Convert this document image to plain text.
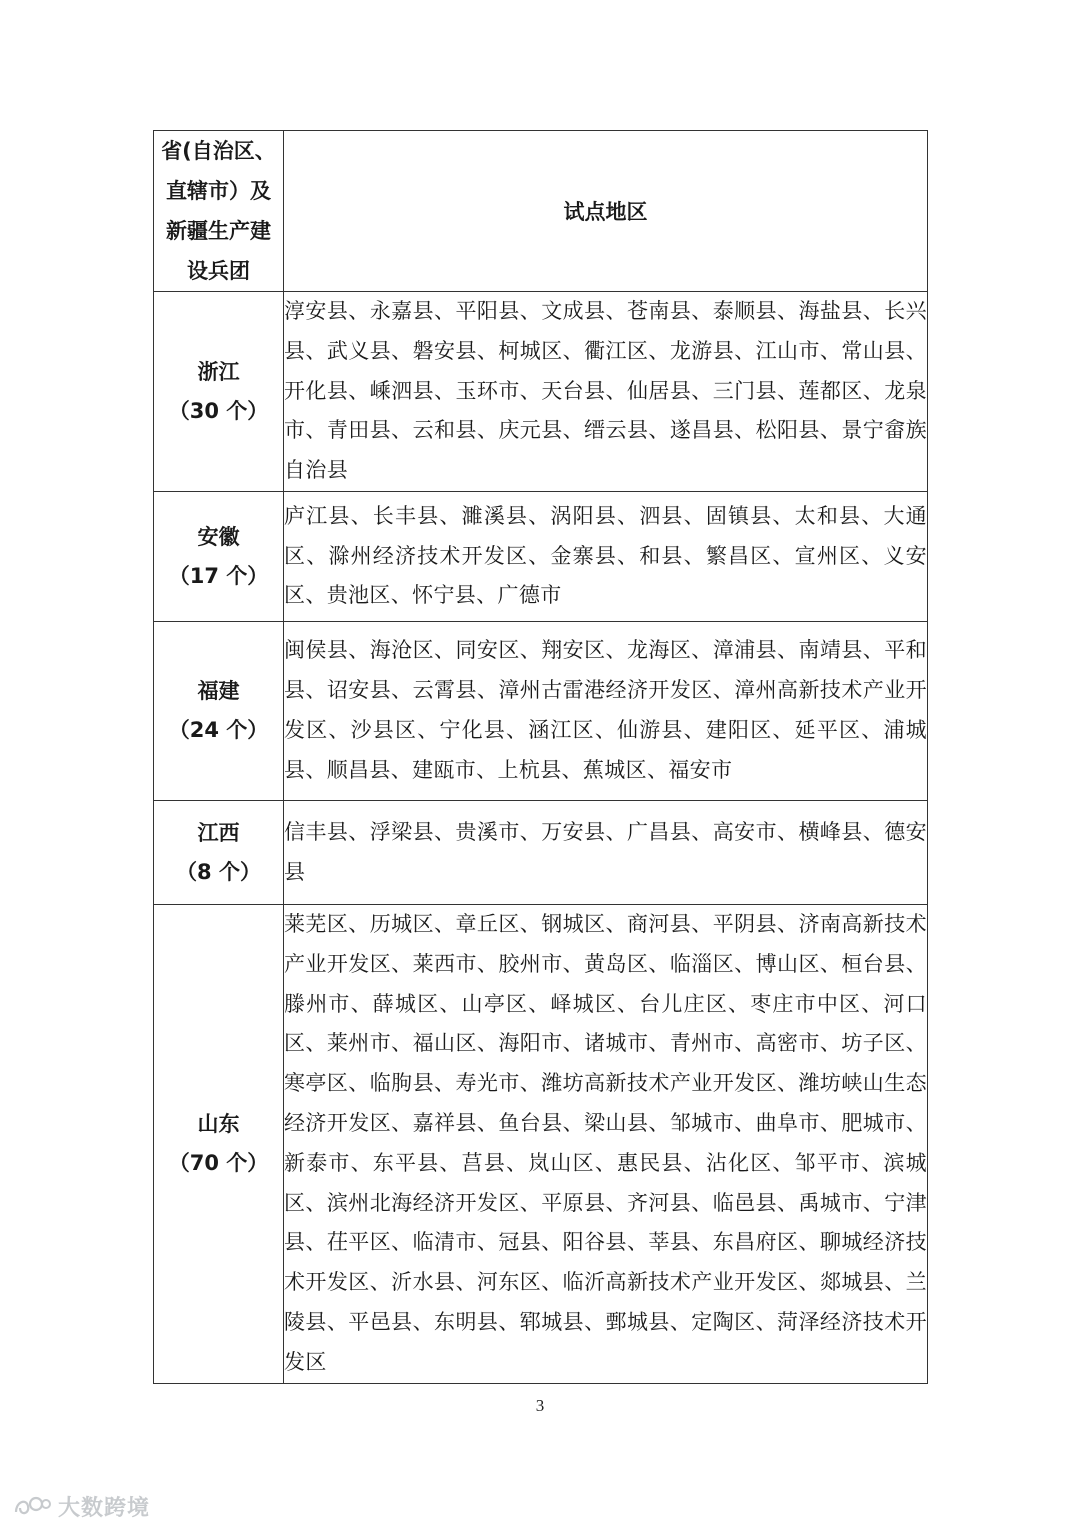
省(自治区、
直辖市）及
新疆生产建
设兵团	试点地区

浙江
（30 个）	淳安县、永嘉县、平阳县、文成县、苍南县、泰顺县、海盐县、长兴县、武义县、磐安县、柯城区、衢江区、龙游县、江山市、常山县、开化县、嵊泗县、玉环市、天台县、仙居县、三门县、莲都区、龙泉市、青田县、云和县、庆元县、缙云县、遂昌县、松阳县、景宁畲族自治县

安徽
（17 个）	庐江县、长丰县、濉溪县、涡阳县、泗县、固镇县、太和县、大通区、滁州经济技术开发区、金寨县、和县、繁昌区、宣州区、义安区、贵池区、怀宁县、广德市

福建
（24 个）	闽侯县、海沧区、同安区、翔安区、龙海区、漳浦县、南靖县、平和县、诏安县、云霄县、漳州古雷港经济开发区、漳州高新技术产业开发区、沙县区、宁化县、涵江区、仙游县、建阳区、延平区、浦城县、顺昌县、建瓯市、上杭县、蕉城区、福安市

江西
（8 个）	信丰县、浮梁县、贵溪市、万安县、广昌县、高安市、横峰县、德安县

山东
（70 个）	莱芜区、历城区、章丘区、钢城区、商河县、平阴县、济南高新技术产业开发区、莱西市、胶州市、黄岛区、临淄区、博山区、桓台县、滕州市、薛城区、山亭区、峄城区、台儿庄区、枣庄市中区、河口区、莱州市、福山区、海阳市、诸城市、青州市、高密市、坊子区、寒亭区、临朐县、寿光市、潍坊高新技术产业开发区、潍坊峡山生态经济开发区、嘉祥县、鱼台县、梁山县、邹城市、曲阜市、肥城市、新泰市、东平县、莒县、岚山区、惠民县、沾化区、邹平市、滨城区、滨州北海经济开发区、平原县、齐河县、临邑县、禹城市、宁津县、茌平区、临清市、冠县、阳谷县、莘县、东昌府区、聊城经济技术开发区、沂水县、河东区、临沂高新技术产业开发区、郯城县、兰陵县、平邑县、东明县、郓城县、鄄城县、定陶区、菏泽经济技术开发区
3
大数跨境
